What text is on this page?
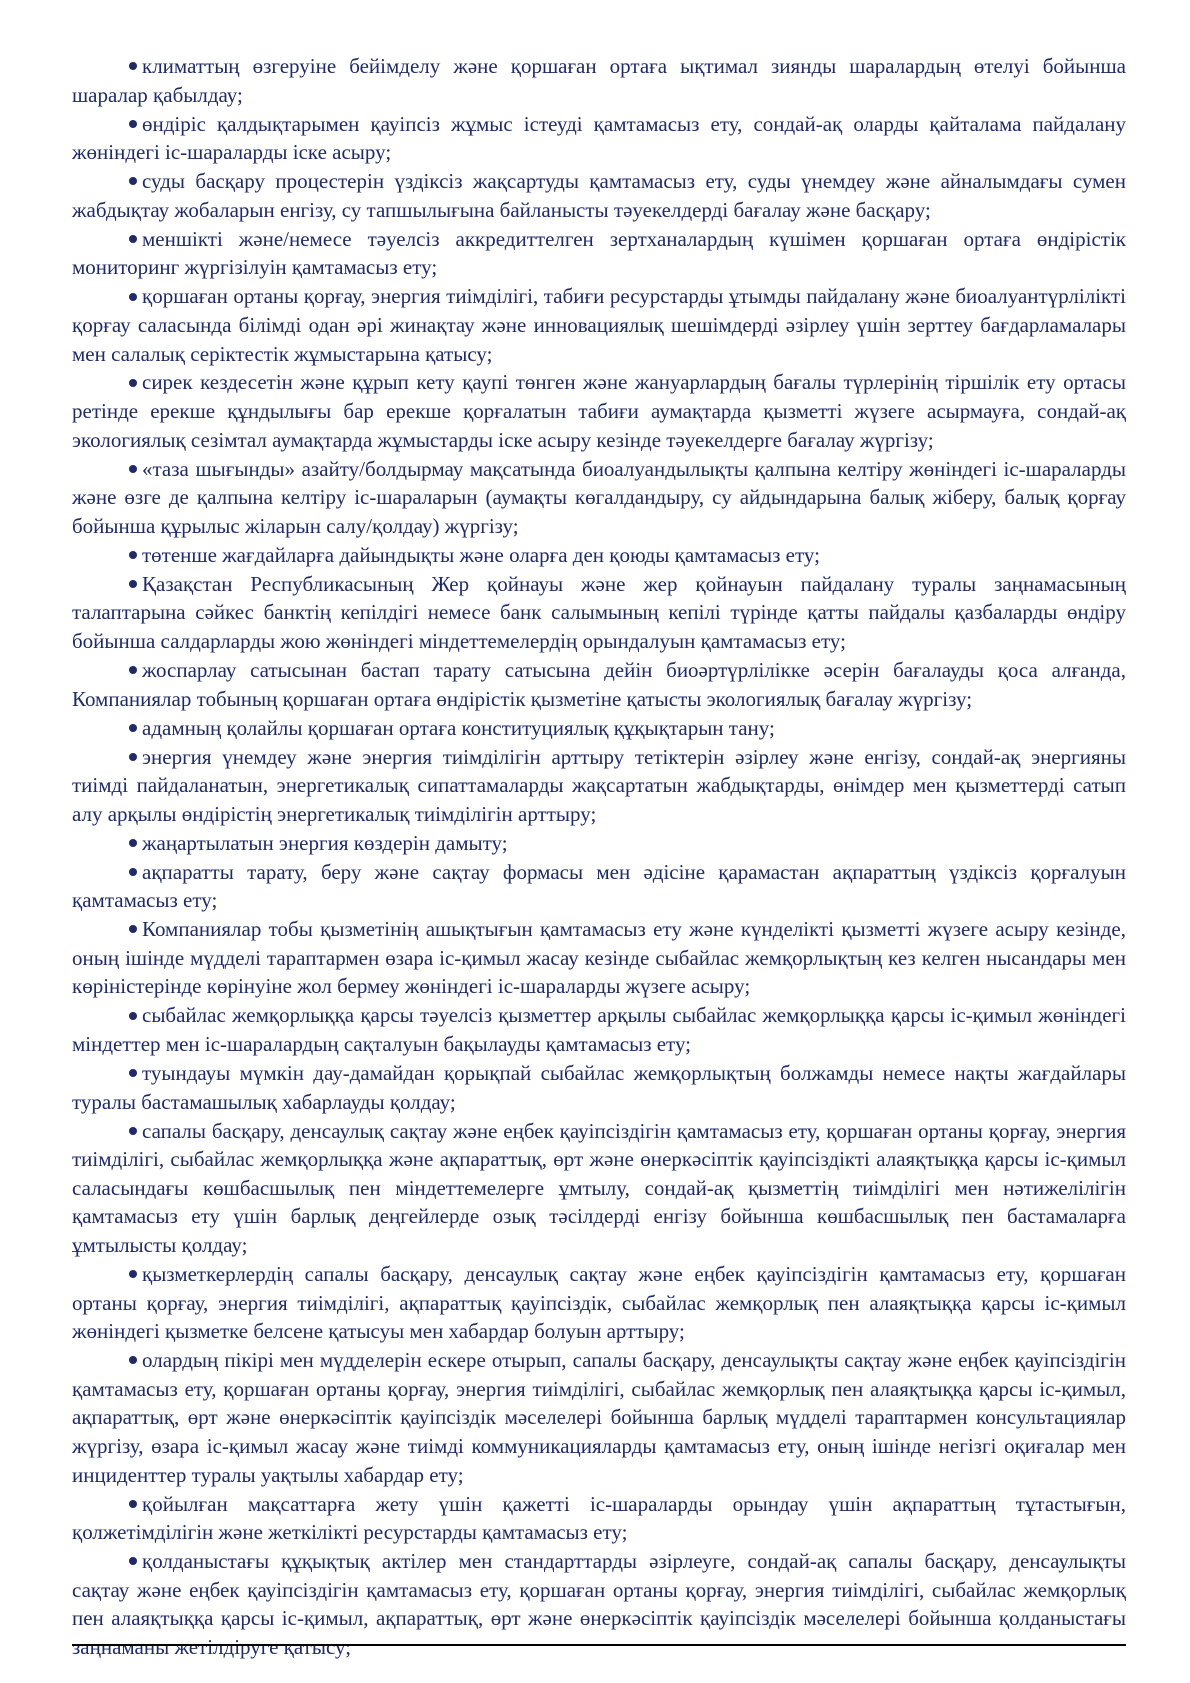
климаттың өзгеруіне бейімделу және қоршаған ортаға ықтимал зиянды шаралардың өтелуі бойынша шаралар қабылдау;

өндіріс қалдықтарымен қауіпсіз жұмыс істеуді қамтамасыз ету, сондай-ақ оларды қайталама пайдалану жөніндегі іс-шараларды іске асыру;

суды басқару процестерін үздіксіз жақсартуды қамтамасыз ету, суды үнемдеу және айналымдағы сумен жабдықтау жобаларын енгізу, су тапшылығына байланысты тәуекелдерді бағалау және басқару;

меншікті және/немесе тәуелсіз аккредиттелген зертханалардың күшімен қоршаған ортаға өндірістік мониторинг жүргізілуін қамтамасыз ету;

қоршаған ортаны қорғау, энергия тиімділігі, табиғи ресурстарды ұтымды пайдалану және биоалуантүрлілікті қорғау саласында білімді одан әрі жинақтау және инновациялық шешімдерді әзірлеу үшін зерттеу бағдарламалары мен салалық серіктестік жұмыстарына қатысу;

сирек кездесетін және құрып кету қаупі төнген және жануарлардың бағалы түрлерінің тіршілік ету ортасы ретінде ерекше құндылығы бар ерекше қорғалатын табиғи аумақтарда қызметті жүзеге асырмауға, сондай-ақ экологиялық сезімтал аумақтарда жұмыстарды іске асыру кезінде тәуекелдерге бағалау жүргізу;

«таза шығынды» азайту/болдырмау мақсатында биоалуандылықты қалпына келтіру жөніндегі іс-шараларды және өзге де қалпына келтіру іс-шараларын (аумақты көгалдандыру, су айдындарына балық жіберу, балық қорғау бойынша құрылыс жіларын салу/қолдау) жүргізу;

төтенше жағдайларға дайындықты және оларға ден қоюды қамтамасыз ету;

Қазақстан Республикасының Жер қойнауы және жер қойнауын пайдалану туралы заңнамасының талаптарына сәйкес банктің кепілдігі немесе банк салымының кепілі түрінде қатты пайдалы қазбаларды өндіру бойынша салдарларды жою жөніндегі міндеттемелердің орындалуын қамтамасыз ету;

жоспарлау сатысынан бастап тарату сатысына дейін биоәртүрлілікке әсерін бағалауды қоса алғанда, Компаниялар тобының қоршаған ортаға өндірістік қызметіне қатысты экологиялық бағалау жүргізу;

адамның қолайлы қоршаған ортаға конституциялық құқықтарын тану;

энергия үнемдеу және энергия тиімділігін арттыру тетіктерін әзірлеу және енгізу, сондай-ақ энергияны тиімді пайдаланатын, энергетикалық сипаттамаларды жақсартатын жабдықтарды, өнімдер мен қызметтерді сатып алу арқылы өндірістің энергетикалық тиімділігін арттыру;

жаңартылатын энергия көздерін дамыту;

ақпаратты тарату, беру және сақтау формасы мен әдісіне қарамастан ақпараттың үздіксіз қорғалуын қамтамасыз ету;

Компаниялар тобы қызметінің ашықтығын қамтамасыз ету және күнделікті қызметті жүзеге асыру кезінде, оның ішінде мүдделі тараптармен өзара іс-қимыл жасау кезінде сыбайлас жемқорлықтың кез келген нысандары мен көріністерінде көрінуіне жол бермеу жөніндегі іс-шараларды жүзеге асыру;

сыбайлас жемқорлыққа қарсы тәуелсіз қызметтер арқылы сыбайлас жемқорлыққа қарсы іс-қимыл жөніндегі міндеттер мен іс-шаралардың сақталуын бақылауды қамтамасыз ету;

туындауы мүмкін дау-дамайдан қорықпай сыбайлас жемқорлықтың болжамды немесе нақты жағдайлары туралы бастамашылық хабарлауды қолдау;

сапалы басқару, денсаулық сақтау және еңбек қауіпсіздігін қамтамасыз ету, қоршаған ортаны қорғау, энергия тиімділігі, сыбайлас жемқорлыққа және ақпараттық, өрт және өнеркәсіптік қауіпсіздікті алаяқтыққа қарсы іс-қимыл саласындағы көшбасшылық пен міндеттемелерге ұмтылу, сондай-ақ қызметтің тиімділігі мен нәтижелілігін қамтамасыз ету үшін барлық деңгейлерде озық тәсілдерді енгізу бойынша көшбасшылық пен бастамаларға ұмтылысты қолдау;

қызметкерлердің сапалы басқару, денсаулық сақтау және еңбек қауіпсіздігін қамтамасыз ету, қоршаған ортаны қорғау, энергия тиімділігі, ақпараттық қауіпсіздік, сыбайлас жемқорлық пен алаяқтыққа қарсы іс-қимыл жөніндегі қызметке белсене қатысуы мен хабардар болуын арттыру;

олардың пікірі мен мүдделерін ескере отырып, сапалы басқару, денсаулықты сақтау және еңбек қауіпсіздігін қамтамасыз ету, қоршаған ортаны қорғау, энергия тиімділігі, сыбайлас жемқорлық пен алаяқтыққа қарсы іс-қимыл, ақпараттық, өрт және өнеркәсіптік қауіпсіздік мәселелері бойынша барлық мүдделі тараптармен консультациялар жүргізу, өзара іс-қимыл жасау және тиімді коммуникацияларды қамтамасыз ету, оның ішінде негізгі оқиғалар мен инциденттер туралы уақтылы хабардар ету;

қойылған мақсаттарға жету үшін қажетті іс-шараларды орындау үшін ақпараттың тұтастығын, қолжетімділігін және жеткілікті ресурстарды қамтамасыз ету;

қолданыстағы құқықтық актілер мен стандарттарды әзірлеуге, сондай-ақ сапалы басқару, денсаулықты сақтау және еңбек қауіпсіздігін қамтамасыз ету, қоршаған ортаны қорғау, энергия тиімділігі, сыбайлас жемқорлық пен алаяқтыққа қарсы іс-қимыл, ақпараттық, өрт және өнеркәсіптік қауіпсіздік мәселелері бойынша қолданыстағы заңнаманы жетілдіруге қатысу;
